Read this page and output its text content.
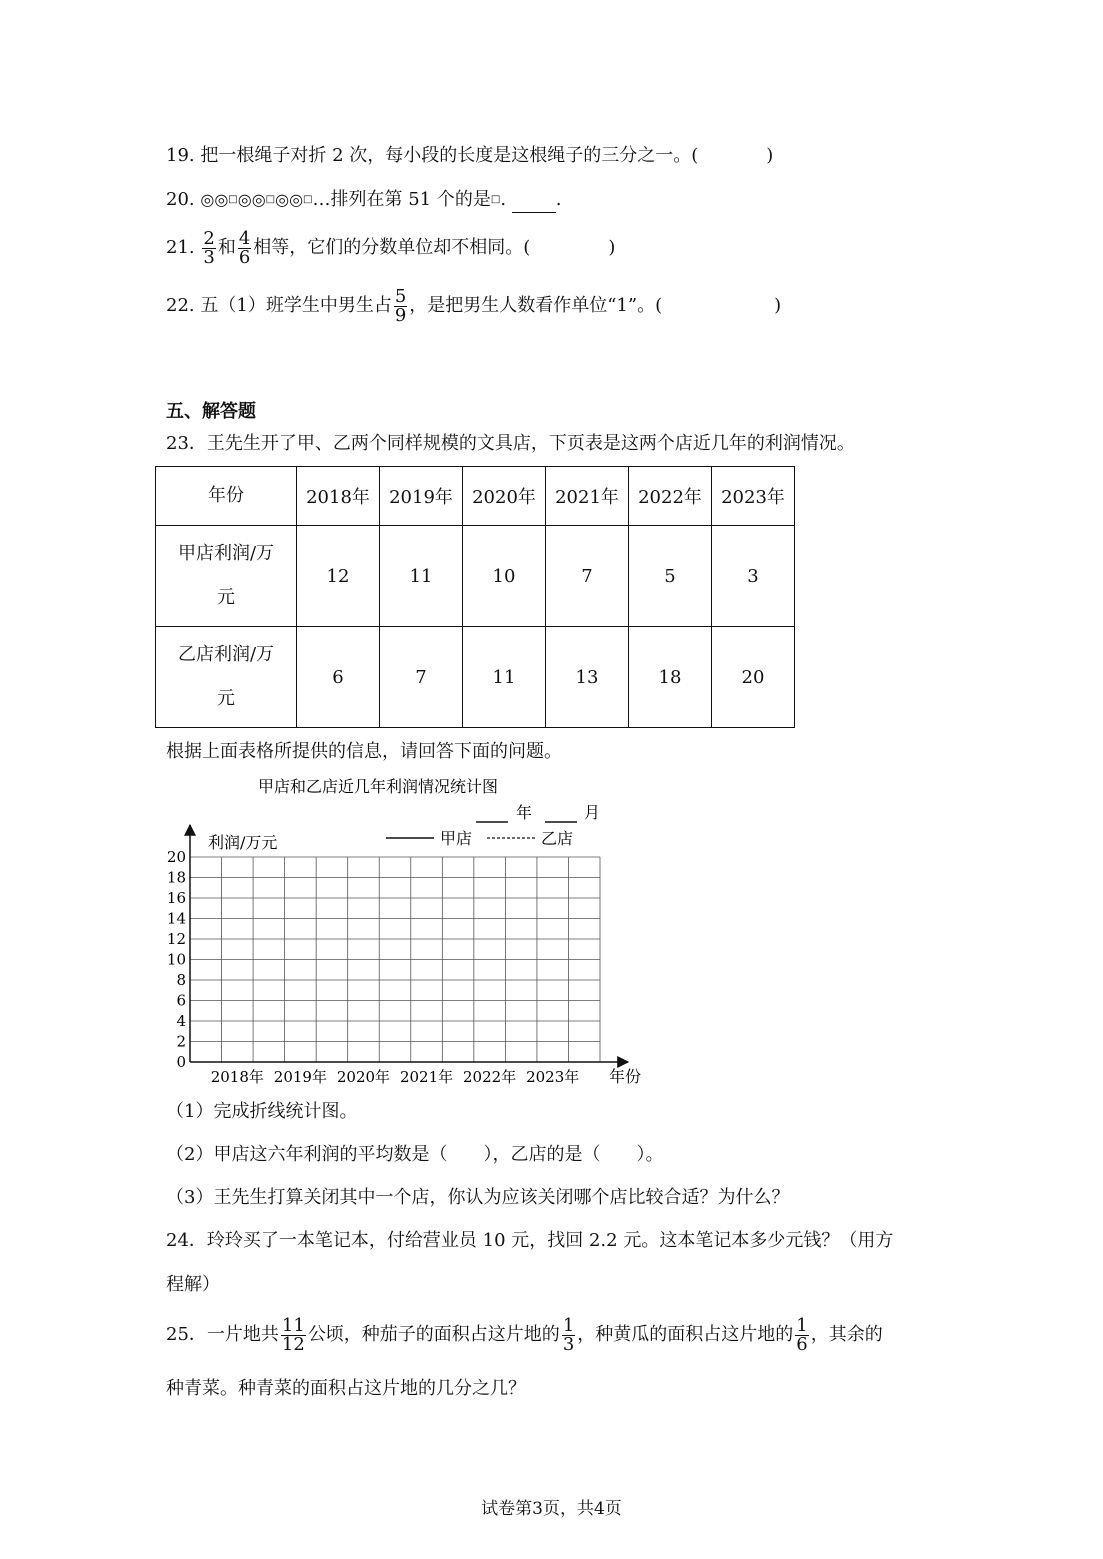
19. 把一根绳子对折 2 次，每小段的长度是这根绳子的三分之一。(	)
20. ◎◎□◎◎□◎◎□…排列在第 51 个的是□.	.
21. $\frac{2}{3}$ 和 $\frac{4}{6}$ 相等，它们的分数单位却不相同。(	)
22. 五（1）班学生中男生占 $\frac{5}{9}$ ，是把男生人数看作单位“1”。(	)
五、解答题
23．王先生开了甲、乙两个同样规模的文具店，下页表是这两个店近几年的利润情况。
年份	2018年	2019年	2020年	2021年	2022年	2023年
甲店利润/万
元	12	11	10	7	5	3
乙店利润/万
元	6	7	11	13	18	20
根据上面表格所提供的信息，请回答下面的问题。
甲店和乙店近几年利润情况统计图
年	月
甲店	乙店
利润/万元
年份
0
2
4
6
8
10
12
14
16
18
20
2018年 2019年 2020年 2021年 2022年 2023年
（1）完成折线统计图。
（2）甲店这六年利润的平均数是（　　），乙店的是（　　）。
（3）王先生打算关闭其中一个店，你认为应该关闭哪个店比较合适？为什么？
24．玲玲买了一本笔记本，付给营业员 10 元，找回 2.2 元。这本笔记本多少元钱？（用方
程解）
25．一片地共 $\frac{11}{12}$ 公顷，种茄子的面积占这片地的 $\frac{1}{3}$ ，种黄瓜的面积占这片地的 $\frac{1}{6}$ ，其余的
种青菜。种青菜的面积占这片地的几分之几？
试卷第3页，共4页
